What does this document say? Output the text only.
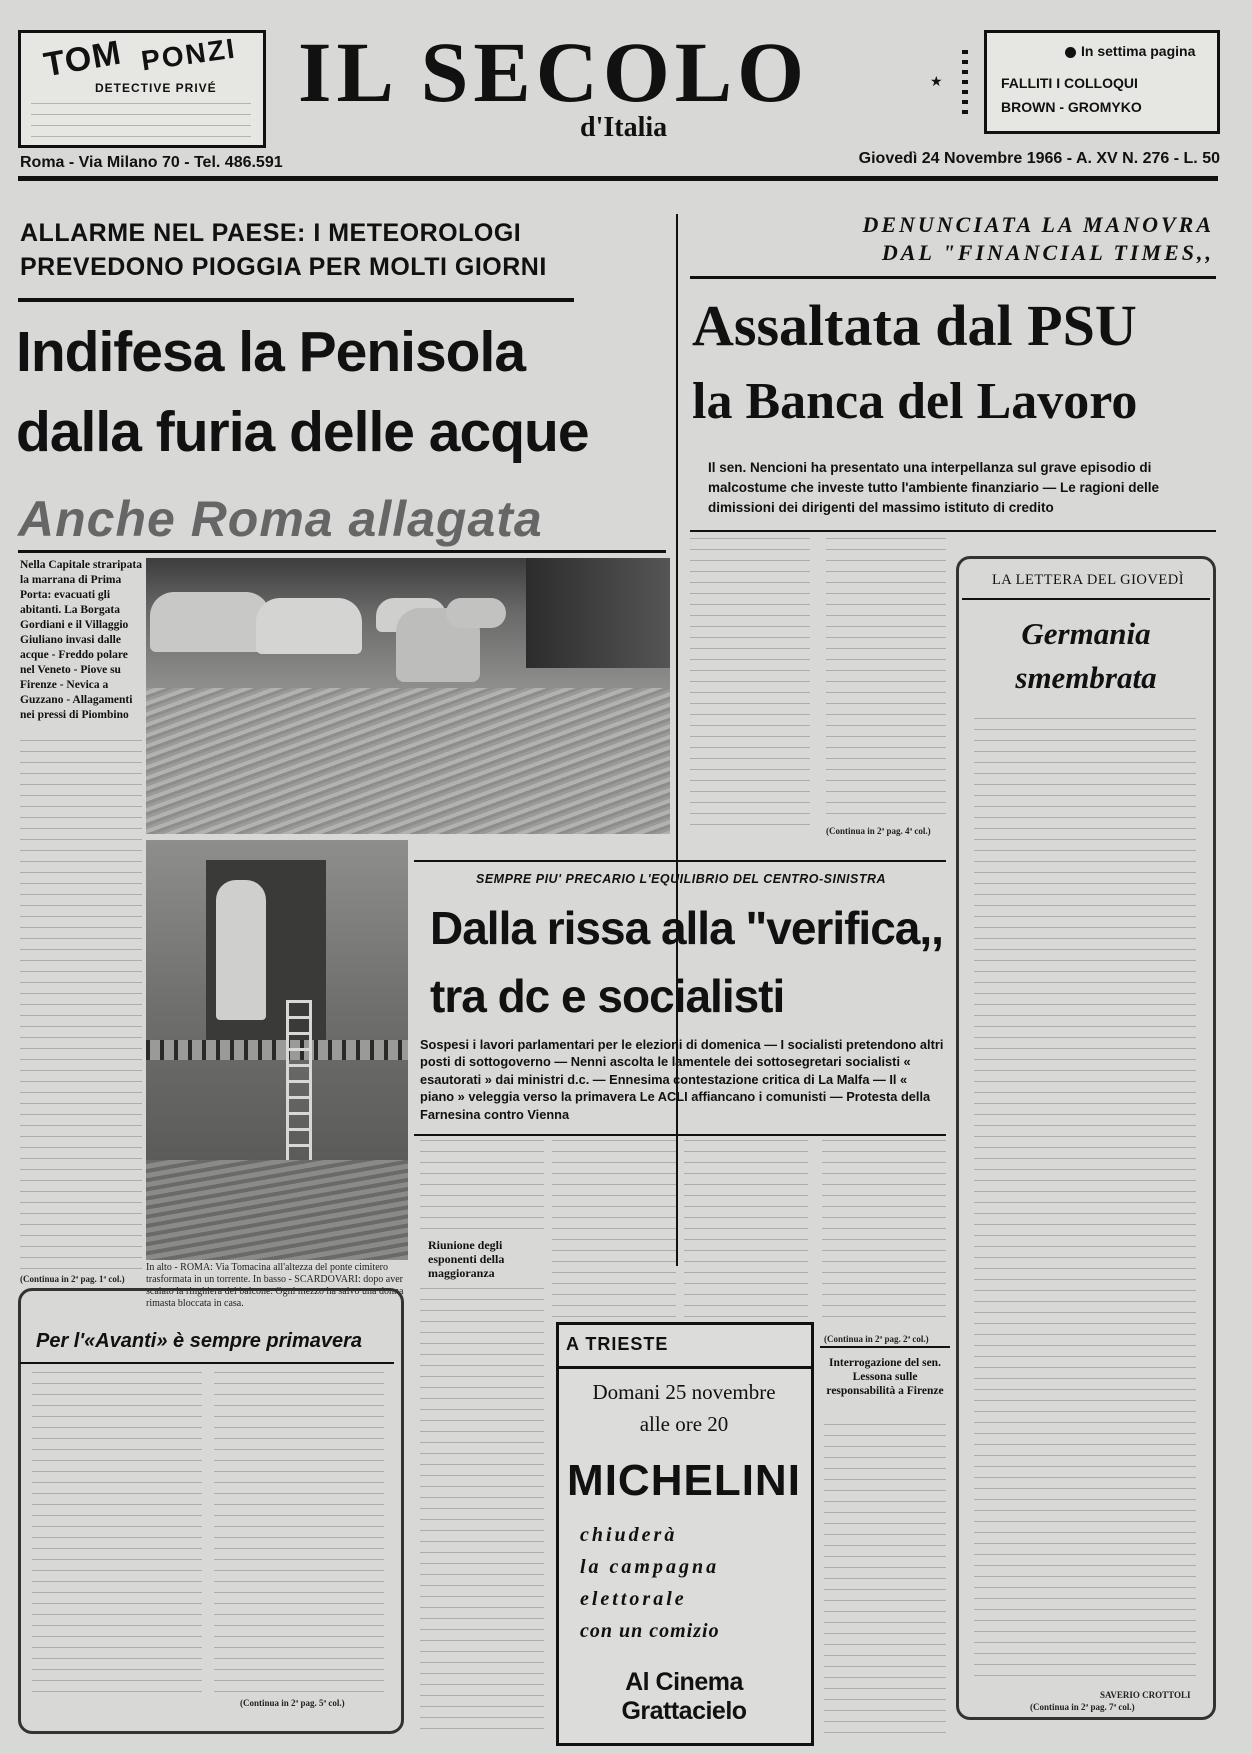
TOM PONZI
DETECTIVE PRIVÉ IL SECOLO	★
d'Italia
In settima pagina
FALLITI I COLLOQUI
BROWN - GROMYKO
Roma - Via Milano 70 - Tel. 486.591	Giovedì 24 Novembre 1966 - A. XV N. 276 - L. 50
ALLARME NEL PAESE: I METEOROLOGI PREVEDONO PIOGGIA PER MOLTI GIORNI
Indifesa la Penisola
dalla furia delle acque
Anche Roma allagata
Nella Capitale straripata la marrana di Prima Porta: evacuati gli abitanti. La Borgata Gordiani e il Villaggio Giuliano invasi dalle acque - Freddo polare nel Veneto - Piove su Firenze - Nevica a Guzzano - Allagamenti nei pressi di Piombino
(Continua in 2ª pag. 1ª col.)
In alto - ROMA: Via Tomacina all'altezza del ponte cimitero trasformata in un torrente. In basso - SCARDOVARI: dopo aver scalato la ringhiera del balcone. Ogni mezzo ha salvo una donna rimasta bloccata in casa.
DENUNCIATA LA MANOVRA
DAL "FINANCIAL TIMES,,
Assaltata dal PSU
la Banca del Lavoro
Il sen. Nencioni ha presentato una interpellanza sul grave episodio di malcostume che investe tutto l'ambiente finanziario — Le ragioni delle dimissioni dei dirigenti del massimo istituto di credito
(Continua in 2ª pag. 4ª col.)
LA LETTERA DEL GIOVEDÌ
Germania
smembrata
SAVERIO CROTTOLI
(Continua in 2ª pag. 7ª col.)
SEMPRE PIU' PRECARIO L'EQUILIBRIO DEL CENTRO-SINISTRA
Dalla rissa alla "verifica,,
tra dc e socialisti
Sospesi i lavori parlamentari per le elezioni di domenica — I socialisti pretendono altri posti di sottogoverno — Nenni ascolta le lamentele dei sottosegretari socialisti « esautorati » dai ministri d.c. — Ennesima contestazione critica di La Malfa — Il « piano » veleggia verso la primavera Le ACLI affiancano i comunisti — Protesta della Farnesina contro Vienna
Riunione degli esponenti della maggioranza
(Continua in 2ª pag. 2ª col.)
Per l'«Avanti» è sempre primavera
(Continua in 2ª pag. 5ª col.)
A TRIESTE
Domani 25 novembre
alle ore 20
MICHELINI
chiuderà
la campagna
elettorale
con un comizio
Al Cinema Grattacielo
Interrogazione del sen. Lessona sulle responsabilità a Firenze
